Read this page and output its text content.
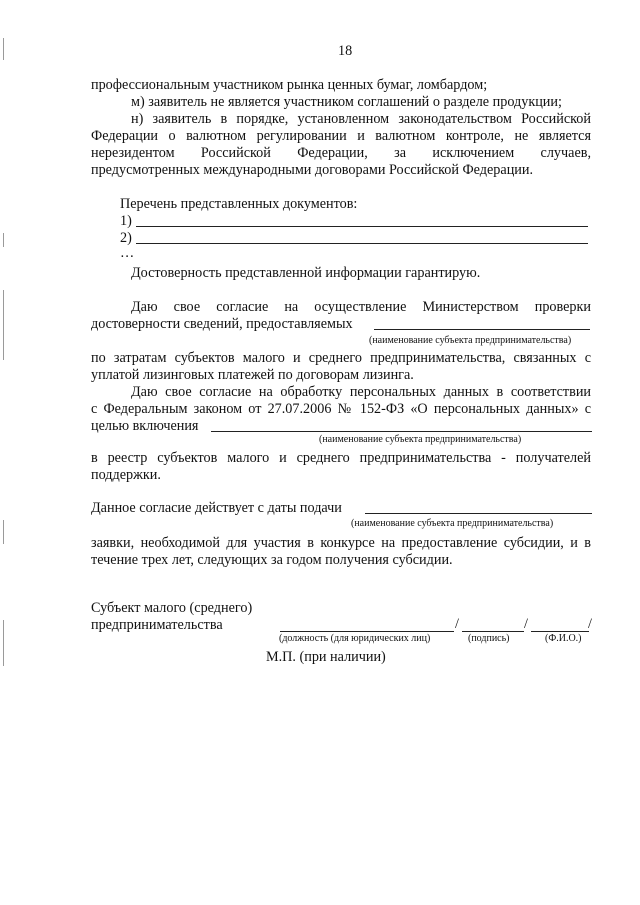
18
профессиональным участником рынка ценных бумаг, ломбардом;
м) заявитель не является участником соглашений о разделе продукции;
н) заявитель в порядке, установленном законодательством Российской
Федерации о валютном регулировании и валютном контроле, не является
нерезидентом Российской Федерации, за исключением случаев,
предусмотренных международными договорами Российской Федерации.
Перечень представленных документов:
1)
2)
…
Достоверность представленной информации гарантирую.
Даю свое согласие на осуществление Министерством проверки
достоверности сведений, предоставляемых
(наименование субъекта предпринимательства)
по затратам субъектов малого и среднего предпринимательства, связанных с
уплатой лизинговых платежей по договорам лизинга.
Даю свое согласие на обработку персональных данных в соответствии
с Федеральным законом от 27.07.2006 № 152-ФЗ «О персональных данных» с
целью включения
(наименование субъекта предпринимательства)
в реестр субъектов малого и среднего предпринимательства - получателей
поддержки.
Данное согласие действует с даты подачи
(наименование субъекта предпринимательства)
заявки, необходимой для участия в конкурсе на предоставление субсидии, и в
течение трех лет, следующих за годом получения субсидии.
Субъект малого (среднего)
предпринимательства	/	/	/
(должность (для юридических лиц)	(подпись)	(Ф.И.О.)
М.П. (при наличии)
